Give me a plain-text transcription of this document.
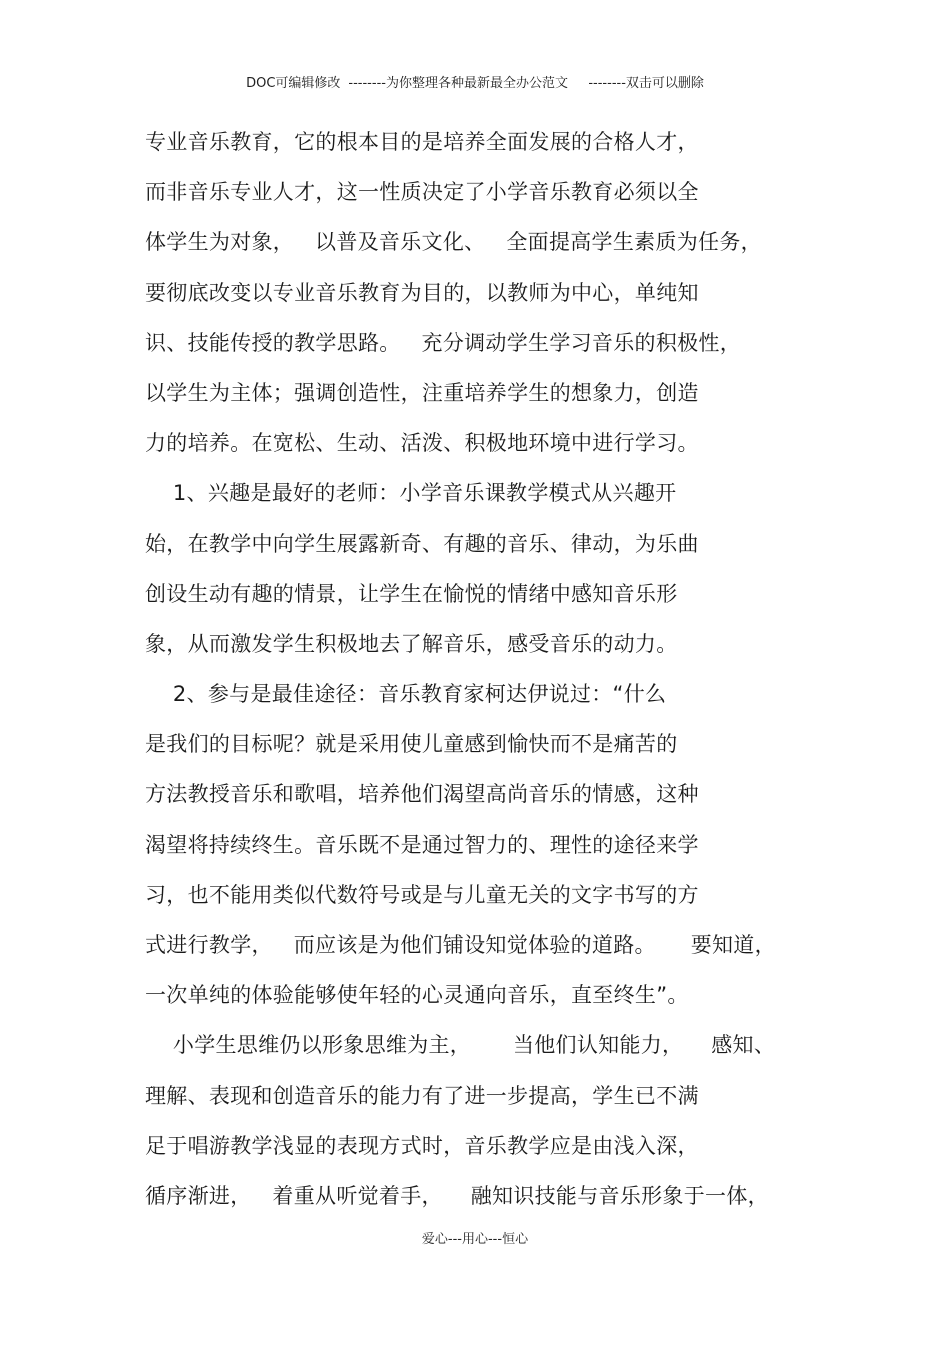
DOC可编辑修改 --------为你整理各种最新最全办公范文 --------双击可以删除
专业音乐教育，它的根本目的是培养全面发展的合格人才，
而非音乐专业人才，这一性质决定了小学音乐教育必须以全
体学生为对象，   以普及音乐文化、   全面提高学生素质为任务，
要彻底改变以专业音乐教育为目的，以教师为中心，单纯知
识、技能传授的教学思路。   充分调动学生学习音乐的积极性，
以学生为主体；强调创造性，注重培养学生的想象力，创造
力的培养。在宽松、生动、活泼、积极地环境中进行学习。
1、兴趣是最好的老师：小学音乐课教学模式从兴趣开
始，在教学中向学生展露新奇、有趣的音乐、律动，为乐曲
创设生动有趣的情景，让学生在愉悦的情绪中感知音乐形
象，从而激发学生积极地去了解音乐，感受音乐的动力。
2、参与是最佳途径：音乐教育家柯达伊说过：“什么
是我们的目标呢？就是采用使儿童感到愉快而不是痛苦的
方法教授音乐和歌唱，培养他们渴望高尚音乐的情感，这种
渴望将持续终生。音乐既不是通过智力的、理性的途径来学
习，也不能用类似代数符号或是与儿童无关的文字书写的方
式进行教学，   而应该是为他们铺设知觉体验的道路。     要知道，
一次单纯的体验能够使年轻的心灵通向音乐，直至终生”。
小学生思维仍以形象思维为主，      当他们认知能力，    感知、
理解、表现和创造音乐的能力有了进一步提高，学生已不满
足于唱游教学浅显的表现方式时，音乐教学应是由浅入深，
循序渐进，   着重从听觉着手，    融知识技能与音乐形象于一体，
爱心---用心---恒心
